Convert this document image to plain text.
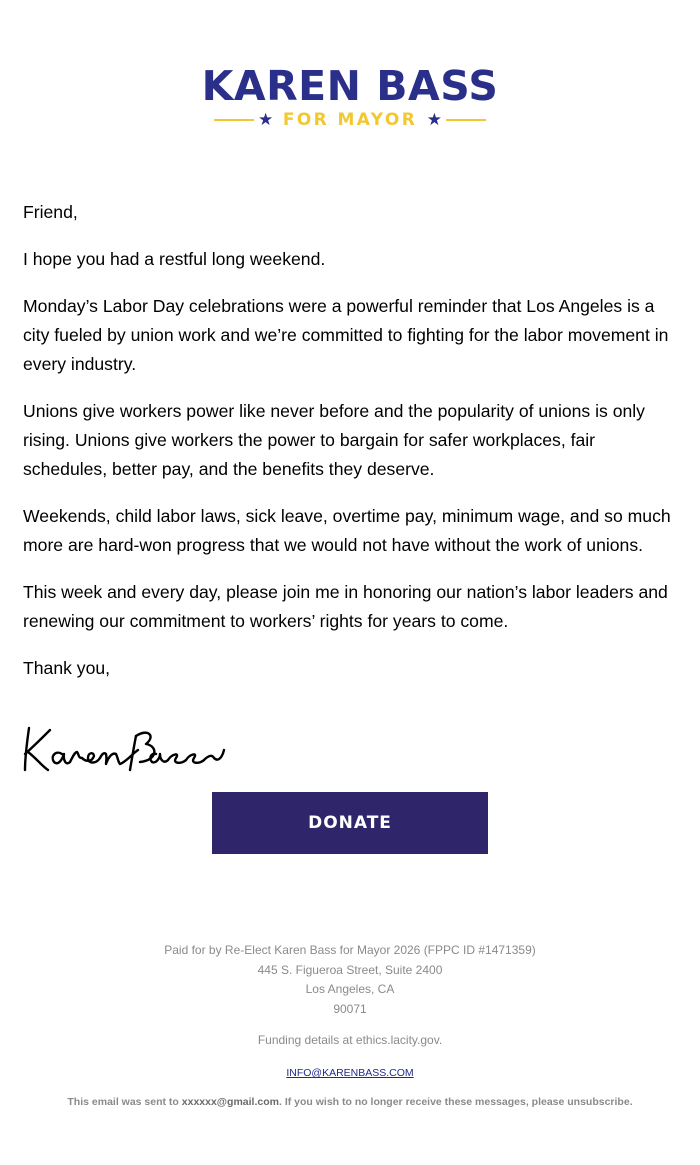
KAREN BASS
★ FOR MAYOR ★

Friend,

I hope you had a restful long weekend.

Monday’s Labor Day celebrations were a powerful reminder that Los Angeles is a city fueled by union work and we’re committed to fighting for the labor movement in every industry.

Unions give workers power like never before and the popularity of unions is only rising. Unions give workers the power to bargain for safer workplaces, fair schedules, better pay, and the benefits they deserve.

Weekends, child labor laws, sick leave, overtime pay, minimum wage, and so much more are hard-won progress that we would not have without the work of unions.

This week and every day, please join me in honoring our nation’s labor leaders and renewing our commitment to workers’ rights for years to come.

Thank you,

DONATE
Paid for by Re-Elect Karen Bass for Mayor 2026 (FPPC ID #1471359)
445 S. Figueroa Street, Suite 2400
Los Angeles, CA
90071
Funding details at ethics.lacity.gov.
INFO@KARENBASS.COM
This email was sent to xxxxxx@gmail.com. If you wish to no longer receive these messages, please unsubscribe.
